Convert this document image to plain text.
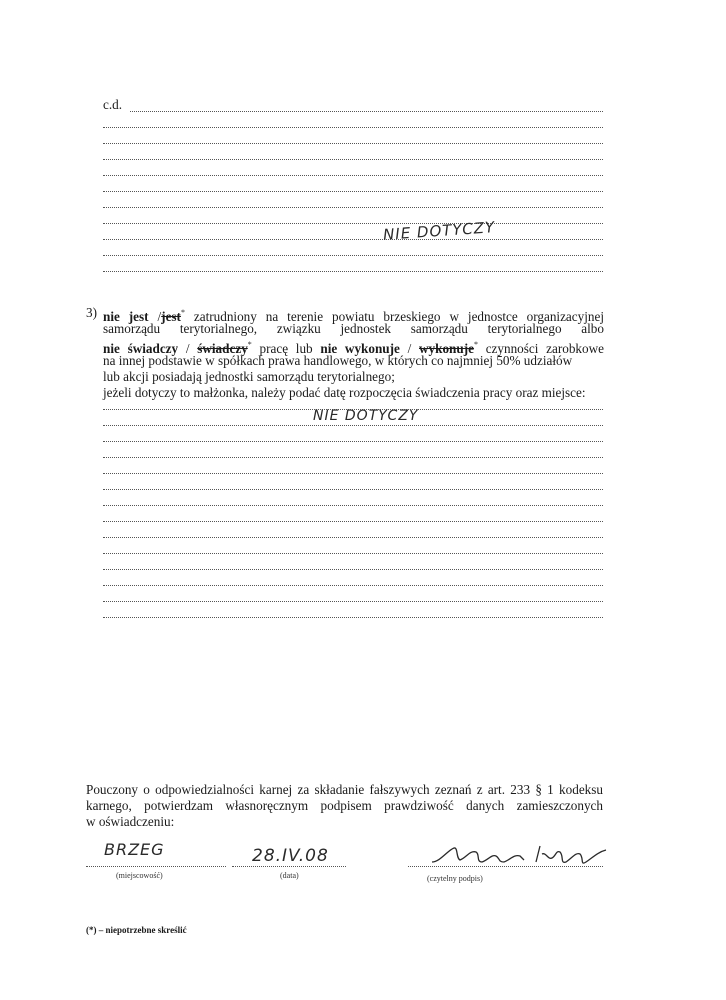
c.d.
NIE DOTYCZY
3) nie jest /jest* zatrudniony na terenie powiatu brzeskiego w jednostce organizacyjnej
samorządu terytorialnego, związku jednostek samorządu terytorialnego albo
nie świadczy / świadczy* pracę lub nie wykonuje / wykonuje* czynności zarobkowe
na innej podstawie w spółkach prawa handlowego, w których co najmniej 50% udziałów
lub akcji posiadają jednostki samorządu terytorialnego;
jeżeli dotyczy to małżonka, należy podać datę rozpoczęcia świadczenia pracy oraz miejsce:
NIE DOTYCZY
Pouczony o odpowiedzialności karnej za składanie fałszywych zeznań z art. 233 § 1 kodeksu
karnego, potwierdzam własnoręcznym podpisem prawdziwość danych zamieszczonych
w oświadczeniu:
BRZEG
(miejscowość)
28.IV.08
(data)	(czytelny podpis)
(*) – niepotrzebne skreślić
